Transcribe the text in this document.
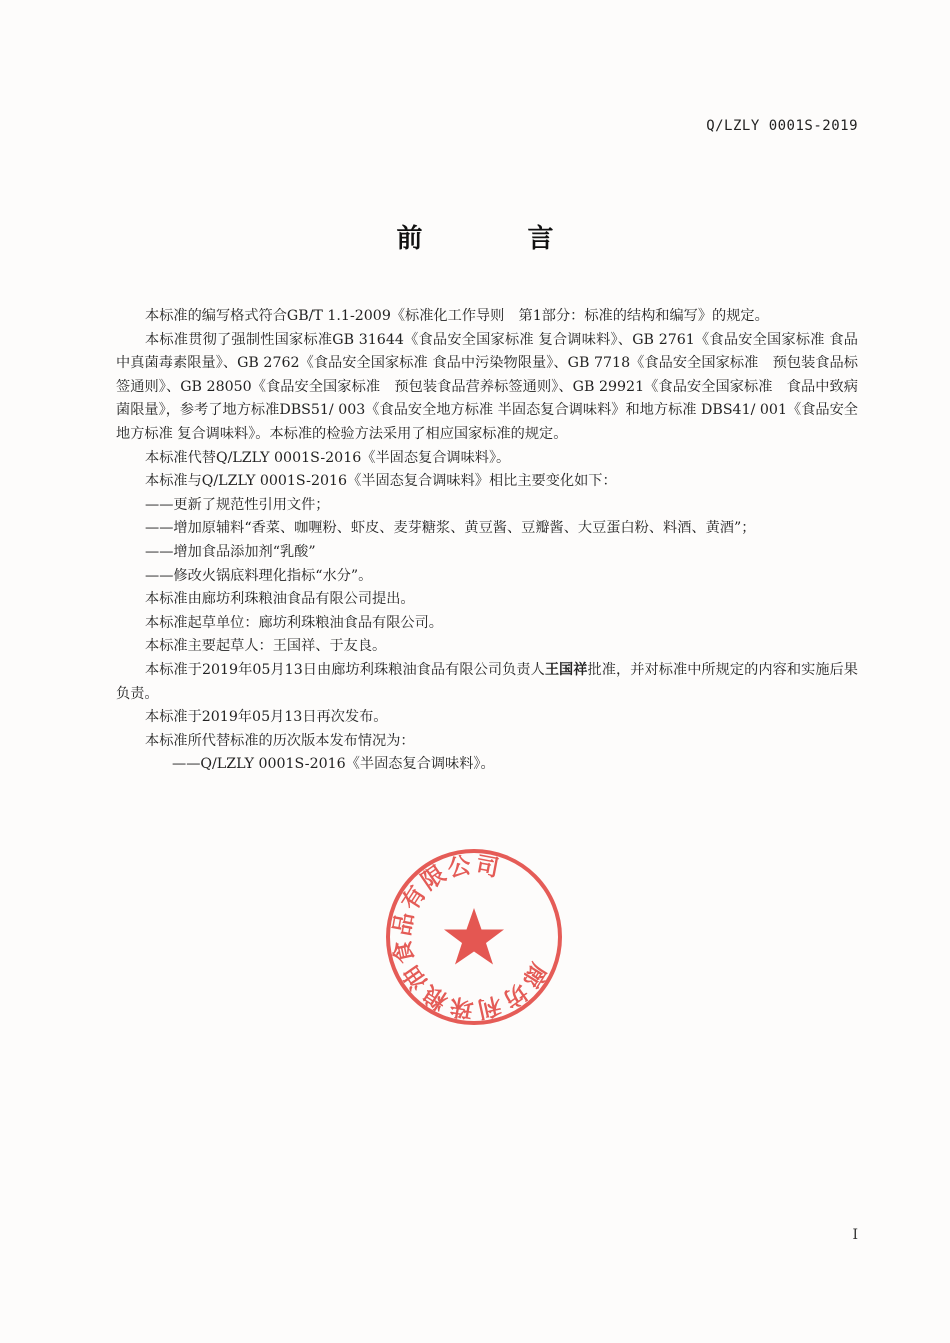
Q/LZLY 0001S-2019
前言

本标准的编写格式符合GB/T 1.1-2009《标准化工作导则　第1部分：标准的结构和编写》的规定。

本标准贯彻了强制性国家标准GB 31644《食品安全国家标准 复合调味料》、GB 2761《食品安全国家标准 食品中真菌毒素限量》、GB 2762《食品安全国家标准 食品中污染物限量》、GB 7718《食品安全国家标准　预包装食品标签通则》、GB 28050《食品安全国家标准　预包装食品营养标签通则》、GB 29921《食品安全国家标准　食品中致病菌限量》，参考了地方标准DBS51/ 003《食品安全地方标准 半固态复合调味料》和地方标准 DBS41/ 001《食品安全地方标准 复合调味料》。本标准的检验方法采用了相应国家标准的规定。

本标准代替Q/LZLY 0001S-2016《半固态复合调味料》。

本标准与Q/LZLY 0001S-2016《半固态复合调味料》相比主要变化如下：

——更新了规范性引用文件；

——增加原辅料“香菜、咖喱粉、虾皮、麦芽糖浆、黄豆酱、豆瓣酱、大豆蛋白粉、料酒、黄酒”；

——增加食品添加剂“乳酸”

——修改火锅底料理化指标“水分”。

本标准由廊坊利珠粮油食品有限公司提出。

本标准起草单位：廊坊利珠粮油食品有限公司。

本标准主要起草人：王国祥、于友良。

本标准于2019年05月13日由廊坊利珠粮油食品有限公司负责人王国祥批准，并对标准中所规定的内容和实施后果负责。

本标准于2019年05月13日再次发布。

本标准所代替标准的历次版本发布情况为：

——Q/LZLY 0001S-2016《半固态复合调味料》。

廊坊利珠粮油食品有限公司
I
